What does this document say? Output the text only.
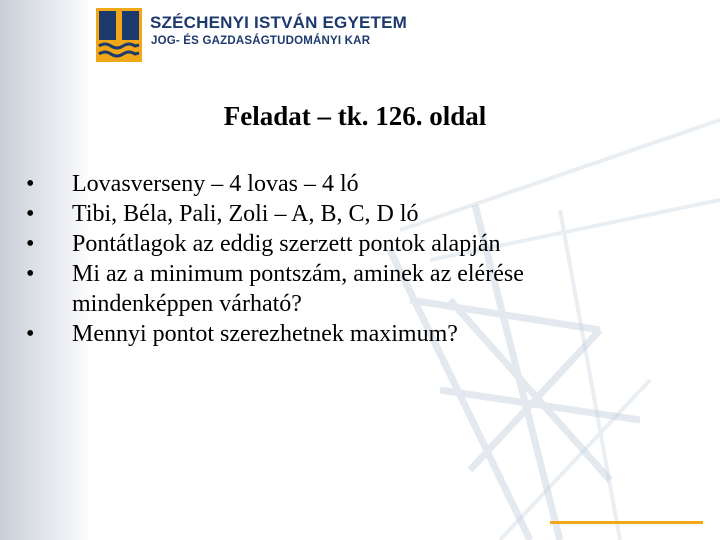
SZÉCHENYI ISTVÁN EGYETEM
JOG- ÉS GAZDASÁGTUDOMÁNYI KAR
Feladat – tk. 126. oldal
• Lovasverseny – 4 lovas – 4 ló
• Tibi, Béla, Pali, Zoli – A, B, C, D ló
• Pontátlagok az eddig szerzett pontok alapján
• Mi az a minimum pontszám, aminek az elérése mindenképpen várható?
• Mennyi pontot szerezhetnek maximum?
